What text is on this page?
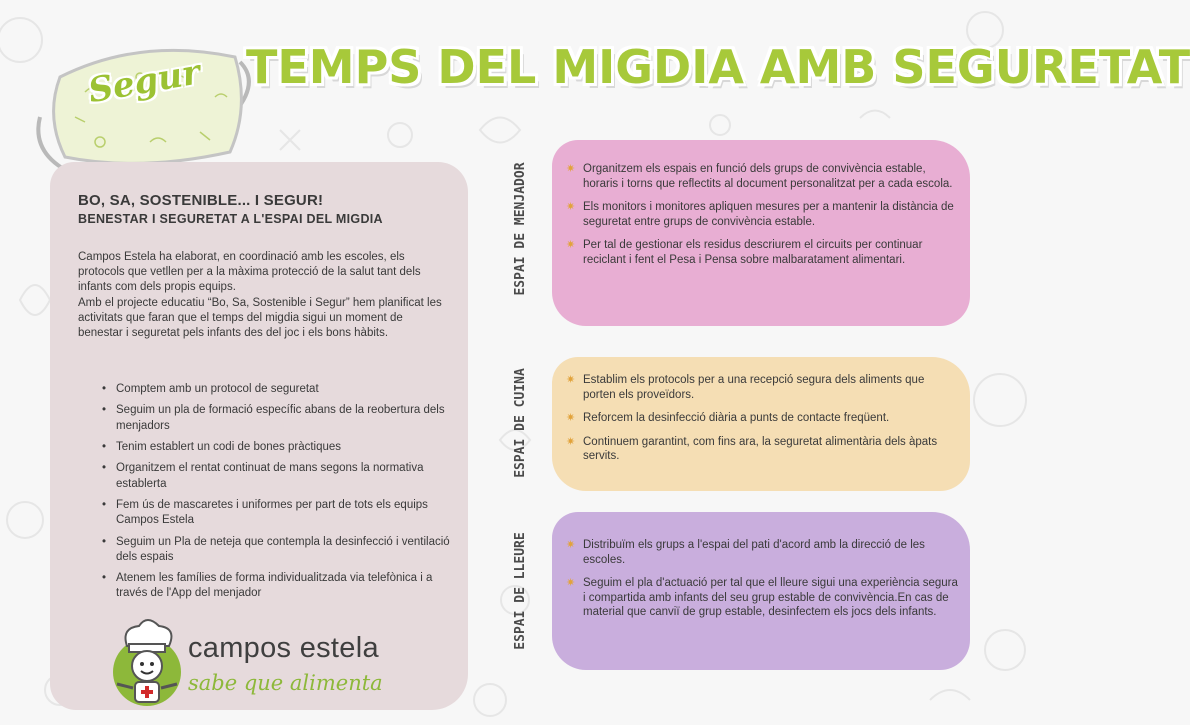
Segur TEMPS DEL MIGDIA AMB SEGURETAT
BO, SA, SOSTENIBLE... I SEGUR!
BENESTAR I SEGURETAT A L'ESPAI DEL MIGDIA

Campos Estela ha elaborat, en coordinació amb les escoles, els protocols que vetllen per a la màxima protecció de la salut tant dels infants com dels propis equips.
Amb el projecte educatiu “Bo, Sa, Sostenible i Segur” hem planificat les activitats que faran que el temps del migdia sigui un moment de benestar i seguretat pels infants des del joc i els bons hàbits.

• Comptem amb un protocol de seguretat
• Seguim un pla de formació específic abans de la reobertura dels menjadors
• Tenim establert un codi de bones pràctiques
• Organitzem el rentat continuat de mans segons la normativa establerta
• Fem ús de mascaretes i uniformes per part de tots els equips Campos Estela
• Seguim un Pla de neteja que contempla la desinfecció i ventilació dels espais
• Atenem les famílies de forma individualitzada via telefònica i a través de l'App del menjador

campos estela

sabe que alimenta

ESPAI DE MENJADOR
ESPAI DE CUINA
ESPAI DE LLEURE
✷ Organitzem els espais en funció dels grups de convivència estable, horaris i torns que reflectits al document personalitzat per a cada escola.
✷ Els monitors i monitores apliquen mesures per a mantenir la distància de seguretat entre grups de convivència estable.
✷ Per tal de gestionar els residus descriurem el circuits per continuar reciclant i fent el Pesa i Pensa sobre malbaratament alimentari.
✷ Establim els protocols per a una recepció segura dels aliments que porten els proveïdors.
✷ Reforcem la desinfecció diària a punts de contacte freqüent.
✷ Continuem garantint, com fins ara, la seguretat alimentària dels àpats servits.
✷ Distribuïm els grups a l'espai del pati d'acord amb la direcció de les escoles.
✷ Seguim el pla d'actuació per tal que el lleure sigui una experiència segura i compartida amb infants del seu grup estable de convivència.En cas de material que canviï de grup estable, desinfectem els jocs dels infants.
